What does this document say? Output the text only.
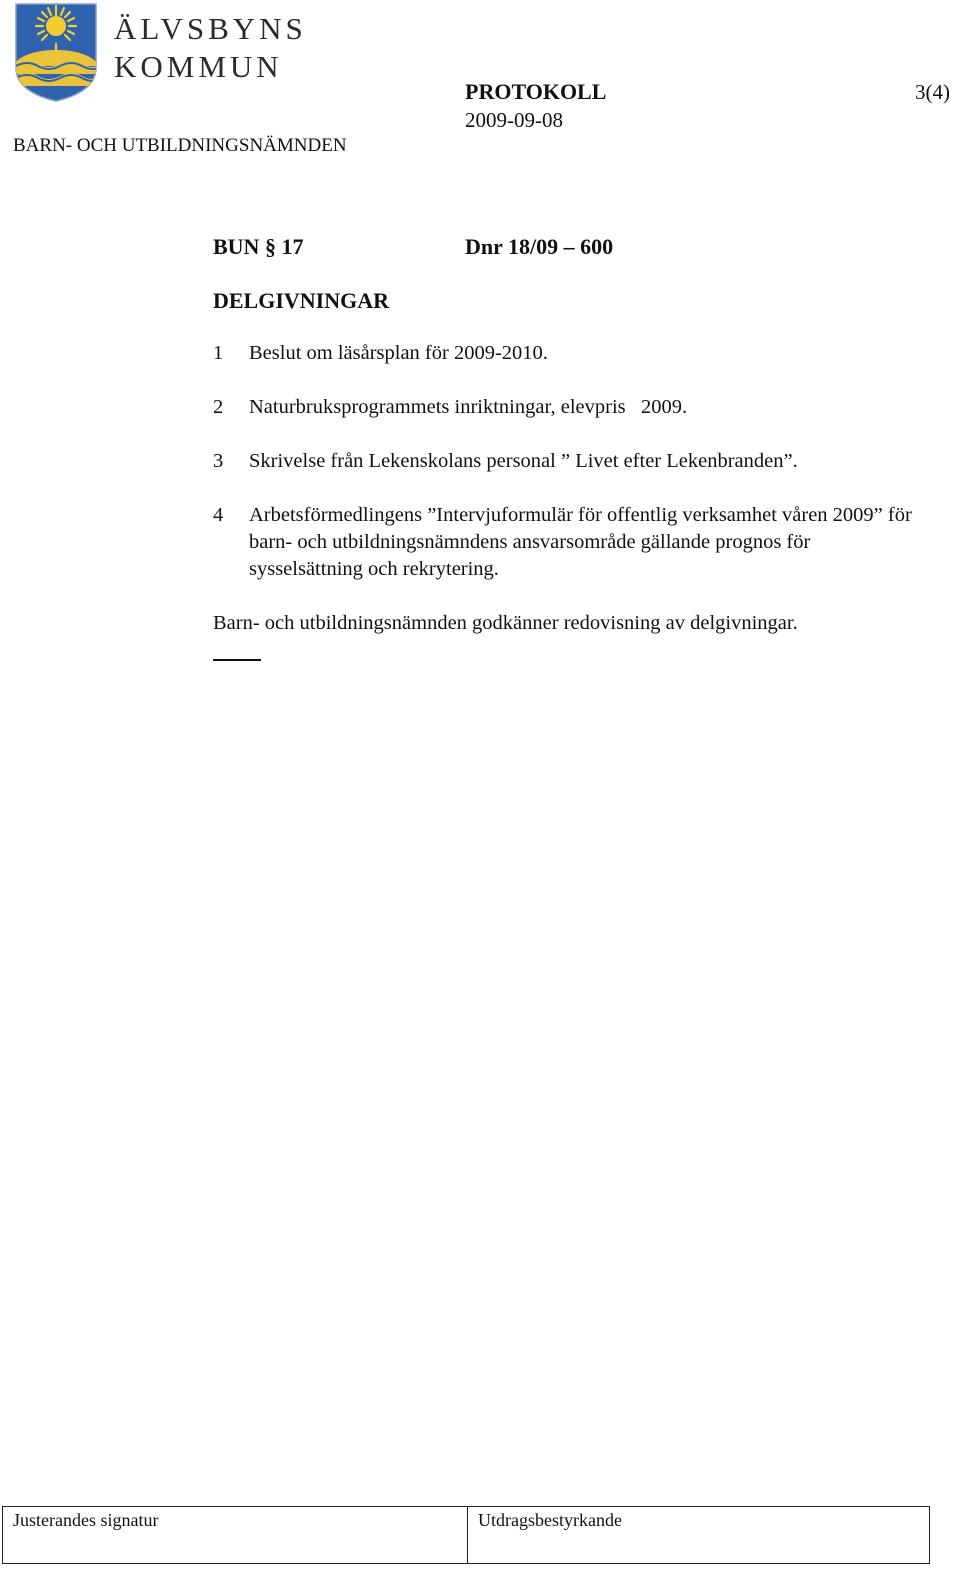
ÄLVSBYNS
KOMMUN
PROTOKOLL	3(4)
2009-09-08
BARN- OCH UTBILDNINGSNÄMNDEN
BUN § 17	Dnr 18/09 – 600
DELGIVNINGAR
1	Beslut om läsårsplan för 2009-2010.
2	Naturbruksprogrammets inriktningar, elevpris   2009.
3	Skrivelse från Lekenskolans personal ” Livet efter Lekenbranden”.
4	Arbetsförmedlingens ”Intervjuformulär för offentlig verksamhet våren 2009” för barn- och utbildningsnämndens ansvarsområde gällande prognos för sysselsättning och rekrytering.
Barn- och utbildningsnämnden godkänner redovisning av delgivningar.
Justerandes signatur	Utdragsbestyrkande
